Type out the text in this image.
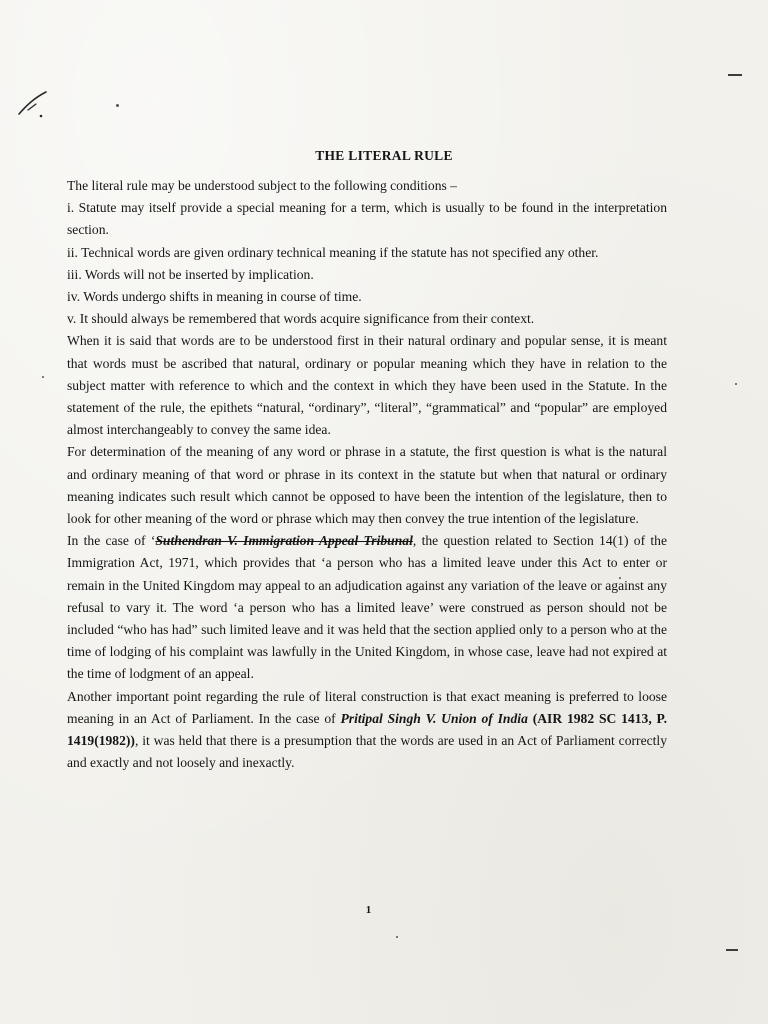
THE LITERAL RULE

The literal rule may be understood subject to the following conditions –

i. Statute may itself provide a special meaning for a term, which is usually to be found in the interpretation section.

ii. Technical words are given ordinary technical meaning if the statute has not specified any other.

iii. Words will not be inserted by implication.

iv. Words undergo shifts in meaning in course of time.

v. It should always be remembered that words acquire significance from their context.

When it is said that words are to be understood first in their natural ordinary and popular sense, it is meant that words must be ascribed that natural, ordinary or popular meaning which they have in relation to the subject matter with reference to which and the context in which they have been used in the Statute. In the statement of the rule, the epithets “natural, “ordinary”, “literal”, “grammatical” and “popular” are employed almost interchangeably to convey the same idea.

For determination of the meaning of any word or phrase in a statute, the first question is what is the natural and ordinary meaning of that word or phrase in its context in the statute but when that natural or ordinary meaning indicates such result which cannot be opposed to have been the intention of the legislature, then to look for other meaning of the word or phrase which may then convey the true intention of the legislature.

In the case of ‘Suthendran V. Immigration Appeal Tribunal, the question related to Section 14(1) of the Immigration Act, 1971, which provides that ‘a person who has a limited leave under this Act to enter or remain in the United Kingdom may appeal to an adjudication against any variation of the leave or against any refusal to vary it. The word ‘a person who has a limited leave’ were construed as person should not be included “who has had” such limited leave and it was held that the section applied only to a person who at the time of lodging of his complaint was lawfully in the United Kingdom, in whose case, leave had not expired at the time of lodgment of an appeal.

Another important point regarding the rule of literal construction is that exact meaning is preferred to loose meaning in an Act of Parliament. In the case of Pritipal Singh V. Union of India (AIR 1982 SC 1413, P. 1419(1982)), it was held that there is a presumption that the words are used in an Act of Parliament correctly and exactly and not loosely and inexactly.

1
